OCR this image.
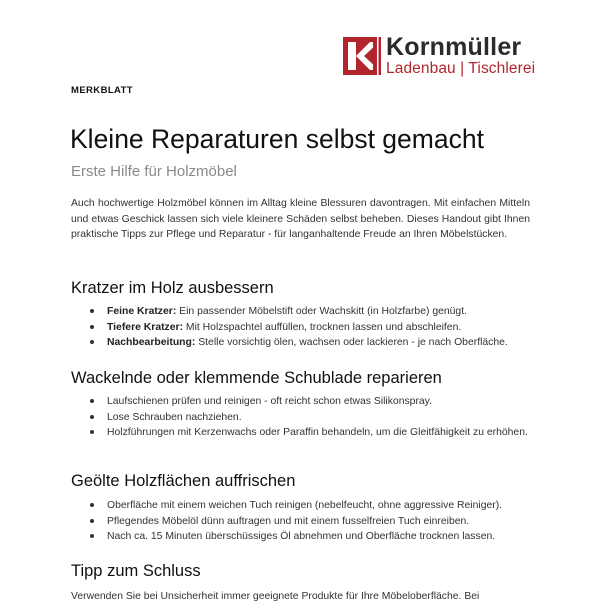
Kornmüller
Ladenbau | Tischlerei
MERKBLATT
Kleine Reparaturen selbst gemacht
Erste Hilfe für Holzmöbel

Auch hochwertige Holzmöbel können im Alltag kleine Blessuren davontragen. Mit einfachen Mitteln und etwas Geschick lassen sich viele kleinere Schäden selbst beheben. Dieses Handout gibt Ihnen praktische Tipps zur Pflege und Reparatur - für langanhaltende Freude an Ihren Möbelstücken.

Kratzer im Holz ausbessern
Feine Kratzer: Ein passender Möbelstift oder Wachskitt (in Holzfarbe) genügt.
Tiefere Kratzer: Mit Holzspachtel auffüllen, trocknen lassen und abschleifen.
Nachbearbeitung: Stelle vorsichtig ölen, wachsen oder lackieren - je nach Oberfläche.
Wackelnde oder klemmende Schublade reparieren
Laufschienen prüfen und reinigen - oft reicht schon etwas Silikonspray.
Lose Schrauben nachziehen.
Holzführungen mit Kerzenwachs oder Paraffin behandeln, um die Gleitfähigkeit zu erhöhen.
Geölte Holzflächen auffrischen
Oberfläche mit einem weichen Tuch reinigen (nebelfeucht, ohne aggressive Reiniger).
Pflegendes Möbelöl dünn auftragen und mit einem fusselfreien Tuch einreiben.
Nach ca. 15 Minuten überschüssiges Öl abnehmen und Oberfläche trocknen lassen.
Tipp zum Schluss

Verwenden Sie bei Unsicherheit immer geeignete Produkte für Ihre Möbeloberfläche. Bei
